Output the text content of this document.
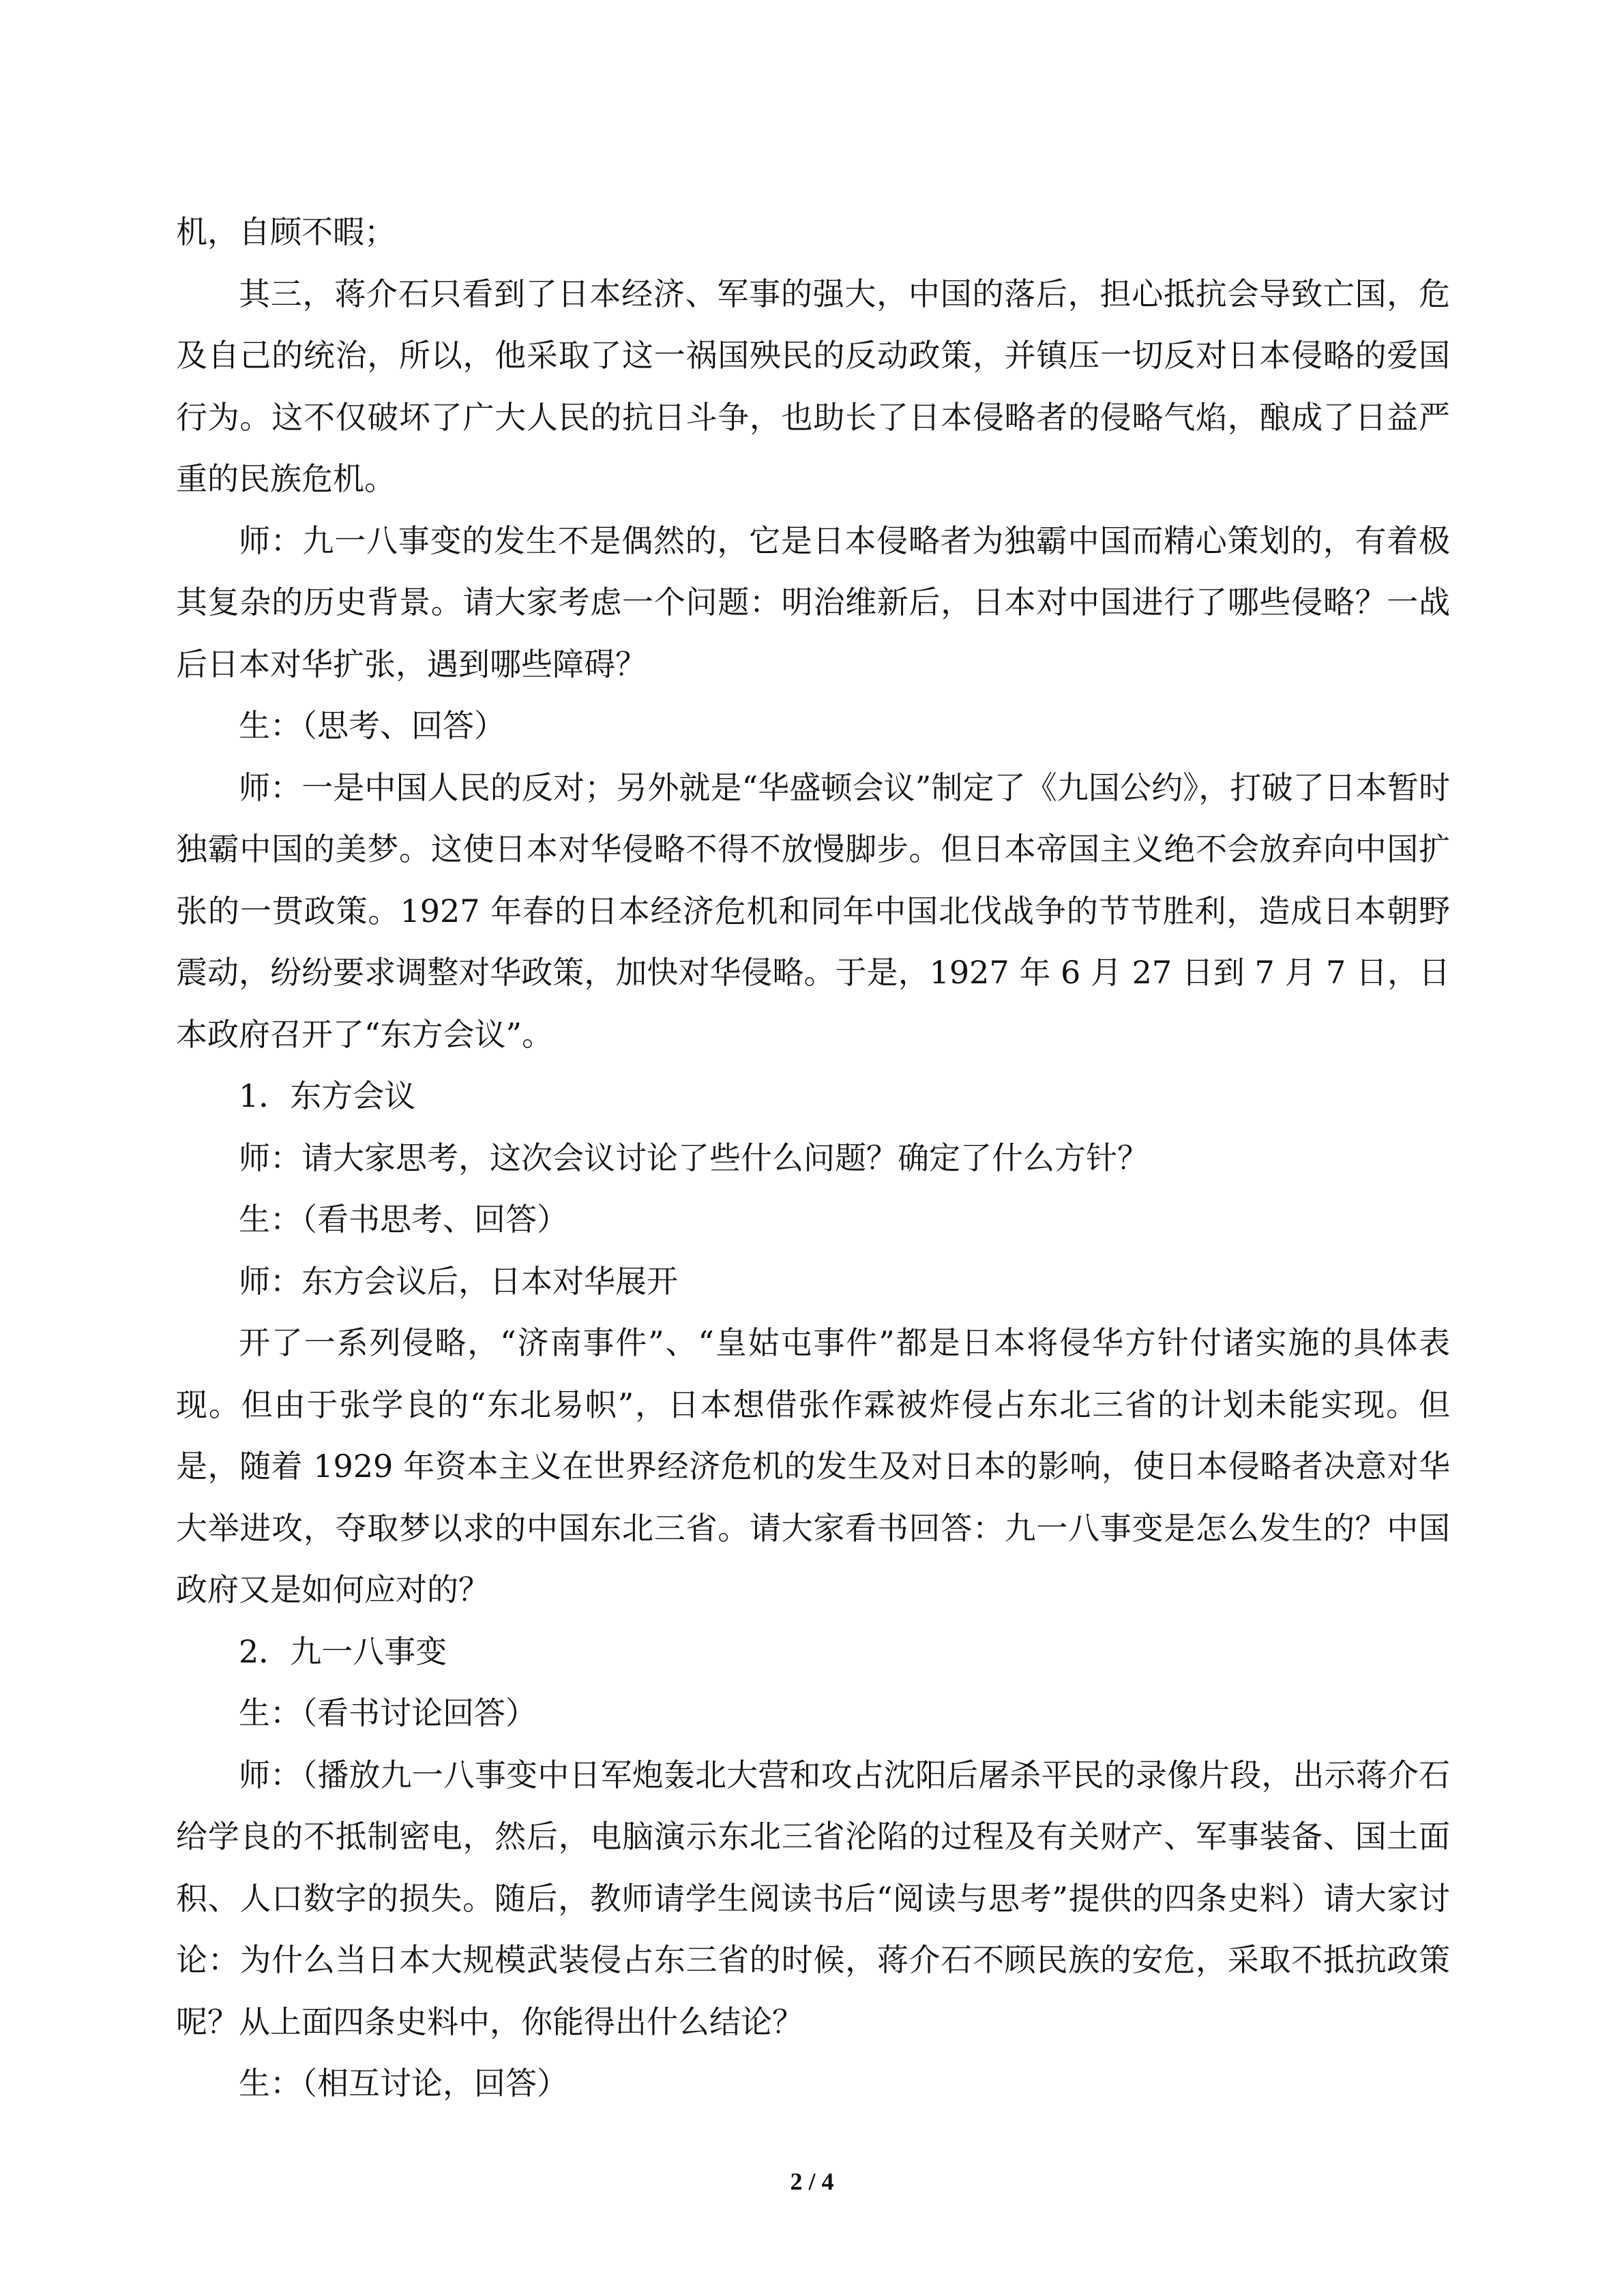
机，自顾不暇；

其三，蒋介石只看到了日本经济、军事的强大，中国的落后，担心抵抗会导致亡国，危及自己的统治，所以，他采取了这一祸国殃民的反动政策，并镇压一切反对日本侵略的爱国行为。这不仅破坏了广大人民的抗日斗争，也助长了日本侵略者的侵略气焰，酿成了日益严重的民族危机。

师：九一八事变的发生不是偶然的，它是日本侵略者为独霸中国而精心策划的，有着极其复杂的历史背景。请大家考虑一个问题：明治维新后，日本对中国进行了哪些侵略？一战后日本对华扩张，遇到哪些障碍？

生：（思考、回答）

师：一是中国人民的反对；另外就是“华盛顿会议”制定了《九国公约》，打破了日本暂时独霸中国的美梦。这使日本对华侵略不得不放慢脚步。但日本帝国主义绝不会放弃向中国扩张的一贯政策。1927 年春的日本经济危机和同年中国北伐战争的节节胜利，造成日本朝野震动，纷纷要求调整对华政策，加快对华侵略。于是，1927 年 6 月 27 日到 7 月 7 日，日本政府召开了“东方会议”。

1．东方会议

师：请大家思考，这次会议讨论了些什么问题？确定了什么方针？

生：（看书思考、回答）

师：东方会议后，日本对华展开

开了一系列侵略，“济南事件”、“皇姑屯事件”都是日本将侵华方针付诸实施的具体表现。但由于张学良的“东北易帜”，日本想借张作霖被炸侵占东北三省的计划未能实现。但是，随着 1929 年资本主义在世界经济危机的发生及对日本的影响，使日本侵略者决意对华大举进攻，夺取梦以求的中国东北三省。请大家看书回答：九一八事变是怎么发生的？中国政府又是如何应对的？

2．九一八事变

生：（看书讨论回答）

师：（播放九一八事变中日军炮轰北大营和攻占沈阳后屠杀平民的录像片段，出示蒋介石给学良的不抵制密电，然后，电脑演示东北三省沦陷的过程及有关财产、军事装备、国土面积、人口数字的损失。随后，教师请学生阅读书后“阅读与思考”提供的四条史料）请大家讨论：为什么当日本大规模武装侵占东三省的时候，蒋介石不顾民族的安危，采取不抵抗政策呢？从上面四条史料中，你能得出什么结论？

生：（相互讨论，回答）

2 / 4
